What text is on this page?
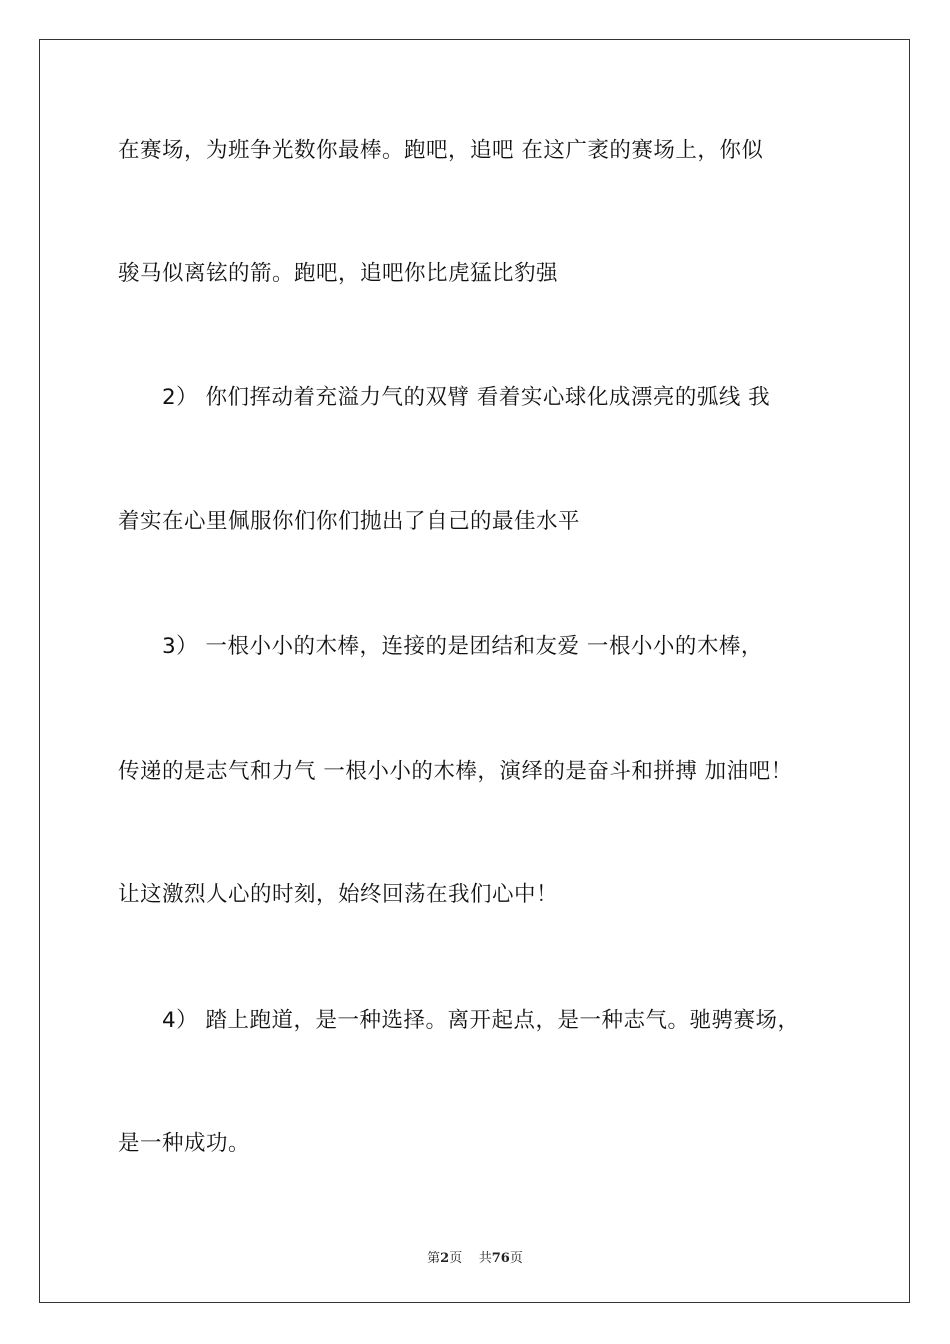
在赛场，为班争光数你最棒。跑吧，追吧 在这广袤的赛场上，你似
骏马似离铉的箭。跑吧，追吧你比虎猛比豹强
　　2） 你们挥动着充溢力气的双臂 看着实心球化成漂亮的弧线 我
着实在心里佩服你们你们抛出了自己的最佳水平
　　3） 一根小小的木棒，连接的是团结和友爱 一根小小的木棒，
传递的是志气和力气 一根小小的木棒，演绎的是奋斗和拼搏 加油吧！
让这激烈人心的时刻，始终回荡在我们心中！
　　4） 踏上跑道，是一种选择。离开起点，是一种志气。驰骋赛场，
是一种成功。
第2页 共76页
